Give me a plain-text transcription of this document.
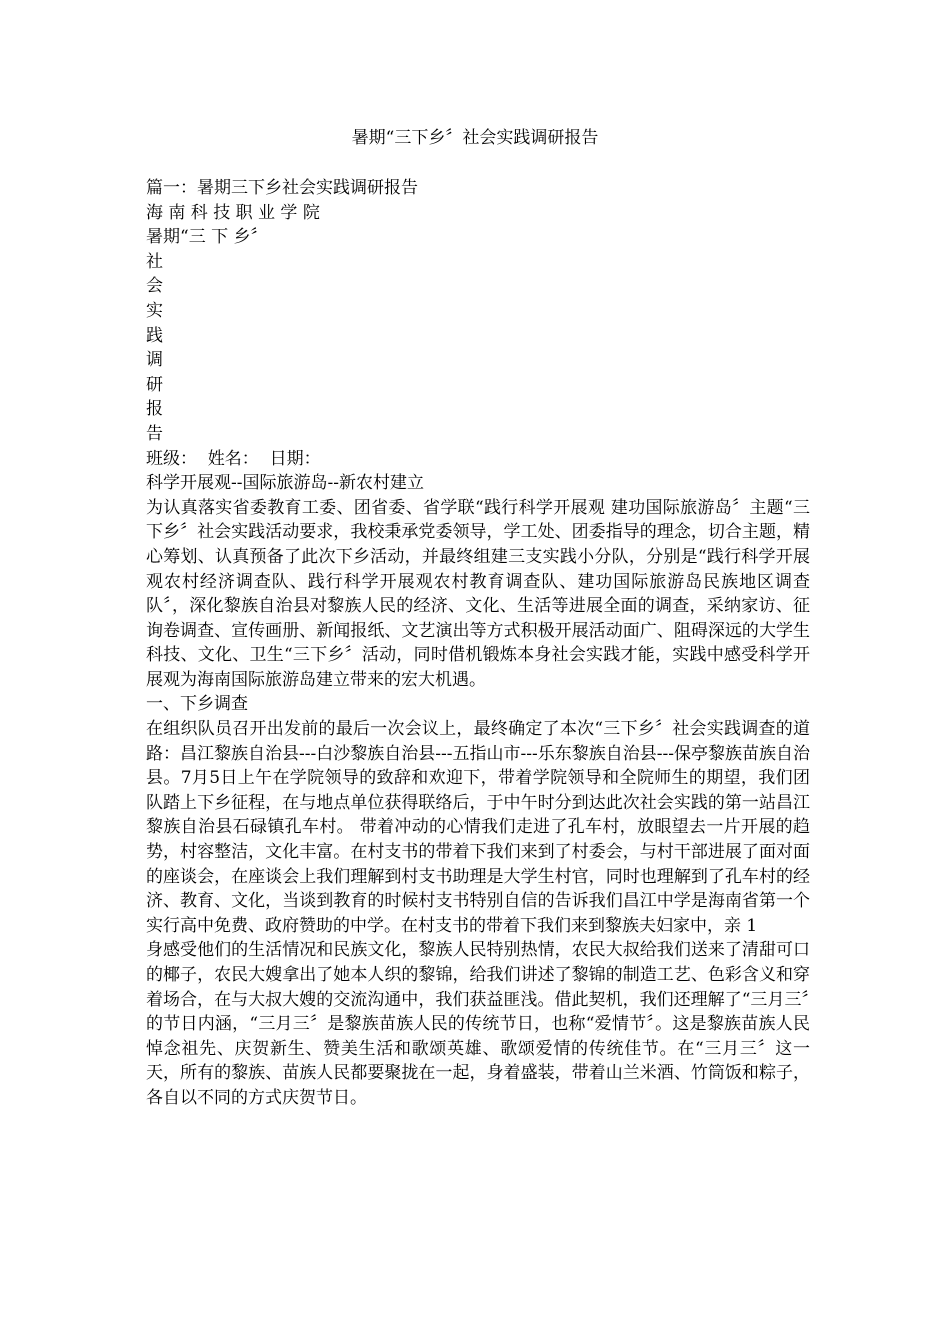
暑期“三下乡〞社会实践调研报告
篇一：暑期三下乡社会实践调研报告
海 南 科 技 职 业 学 院
暑期“三 下 乡〞
社
会
实
践
调
研
报
告
班级：  姓名：  日期：
科学开展观--国际旅游岛--新农村建立
为认真落实省委教育工委、团省委、省学联“践行科学开展观 建功国际旅游岛〞主题“三下乡〞社会实践活动要求，我校秉承党委领导，学工处、团委指导的理念，切合主题，精心筹划、认真预备了此次下乡活动，并最终组建三支实践小分队，分别是“践行科学开展观农村经济调查队、践行科学开展观农村教育调查队、建功国际旅游岛民族地区调查队〞，深化黎族自治县对黎族人民的经济、文化、生活等进展全面的调查，采纳家访、征询卷调查、宣传画册、新闻报纸、文艺演出等方式积极开展活动面广、阻碍深远的大学生科技、文化、卫生“三下乡〞活动，同时借机锻炼本身社会实践才能，实践中感受科学开展观为海南国际旅游岛建立带来的宏大机遇。
一、下乡调查
在组织队员召开出发前的最后一次会议上，最终确定了本次“三下乡〞社会实践调查的道路：昌江黎族自治县---白沙黎族自治县---五指山市---乐东黎族自治县---保亭黎族苗族自治县。7月5日上午在学院领导的致辞和欢迎下，带着学院领导和全院师生的期望，我们团队踏上下乡征程，在与地点单位获得联络后，于中午时分到达此次社会实践的第一站昌江黎族自治县石碌镇孔车村。 带着冲动的心情我们走进了孔车村，放眼望去一片开展的趋势，村容整洁，文化丰富。在村支书的带着下我们来到了村委会，与村干部进展了面对面的座谈会，在座谈会上我们理解到村支书助理是大学生村官，同时也理解到了孔车村的经济、教育、文化，当谈到教育的时候村支书特别自信的告诉我们昌江中学是海南省第一个实行高中免费、政府赞助的中学。在村支书的带着下我们来到黎族夫妇家中，亲 1
身感受他们的生活情况和民族文化，黎族人民特别热情，农民大叔给我们送来了清甜可口的椰子，农民大嫂拿出了她本人织的黎锦，给我们讲述了黎锦的制造工艺、色彩含义和穿着场合，在与大叔大嫂的交流沟通中，我们获益匪浅。借此契机，我们还理解了“三月三〞的节日内涵，“三月三〞是黎族苗族人民的传统节日，也称“爱情节〞。这是黎族苗族人民悼念祖先、庆贺新生、赞美生活和歌颂英雄、歌颂爱情的传统佳节。在“三月三〞这一天，所有的黎族、苗族人民都要聚拢在一起，身着盛装，带着山兰米酒、竹筒饭和粽子，各自以不同的方式庆贺节日。
